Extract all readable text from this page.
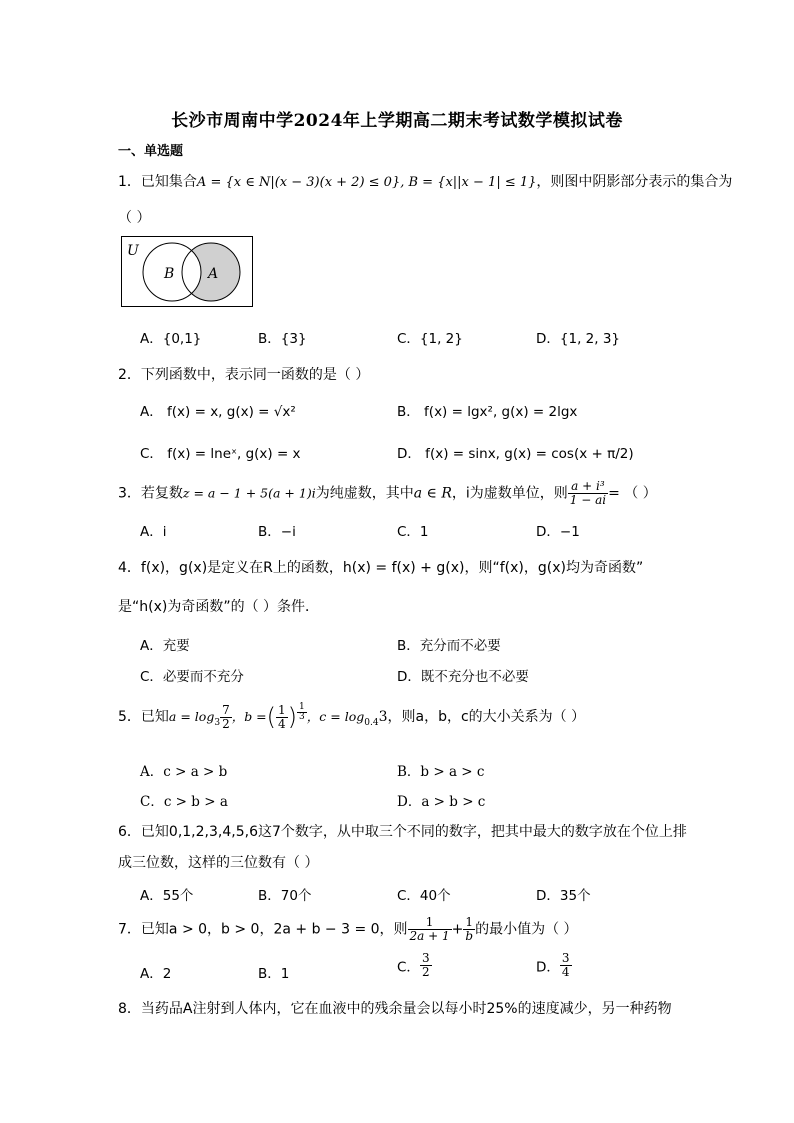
长沙市周南中学2024年上学期高二期末考试数学模拟试卷
一、单选题
1．已知集合A = {x ∈ N|(x − 3)(x + 2) ≤ 0}, B = {x||x − 1| ≤ 1}，则图中阴影部分表示的集合为
（ ）
U
B A
A．{0,1}	B．{3}	C．{1, 2}	D．{1, 2, 3}
2．下列函数中，表示同一函数的是（ ）
A． f(x) = x, g(x) = √x²	B． f(x) = lgx², g(x) = 2lgx
C． f(x) = lneˣ, g(x) = x	D． f(x) = sinx, g(x) = cos(x + π/2)
3．若复数z = a − 1 + 5(a + 1)i为纯虚数，其中a ∈ R，i为虚数单位，则 $\frac{\text{a + i³}}{1 - ai}$ = （ ）
A．i	B．−i	C．1	D．−1
4．f(x)，g(x)是定义在R上的函数，h(x) = f(x) + g(x)，则“f(x)，g(x)均为奇函数”
是“h(x)为奇函数”的（ ）条件．
A．充要	B．充分而不必要
C．必要而不充分	D．既不充分也不必要
5．已知$a = \log_3 \frac{7}{2}$ ，b =( $\frac{1}{4}$ ) $\frac{1}{3}$ ，$c = \log_{0.4}3$，则a，b，c的大小关系为（ ）
A．c > a > b	B．b > a > c
C．c > b > a	D．a > b > c
6．已知0,1,2,3,4,5,6这7个数字，从中取三个不同的数字，把其中最大的数字放在个位上排
成三位数，这样的三位数有（ ）
A．55个	B．70个	C．40个	D．35个
7．已知a > 0，b > 0，2a + b − 3 = 0，则 $\frac{1}{2a + 1} + \frac{1}{b}$ 的最小值为（ ）
A．2	B．1	C． $\frac{3}{2}$	D． $\frac{3}{4}$
8．当药品A注射到人体内，它在血液中的残余量会以每小时25%的速度减少，另一种药物
